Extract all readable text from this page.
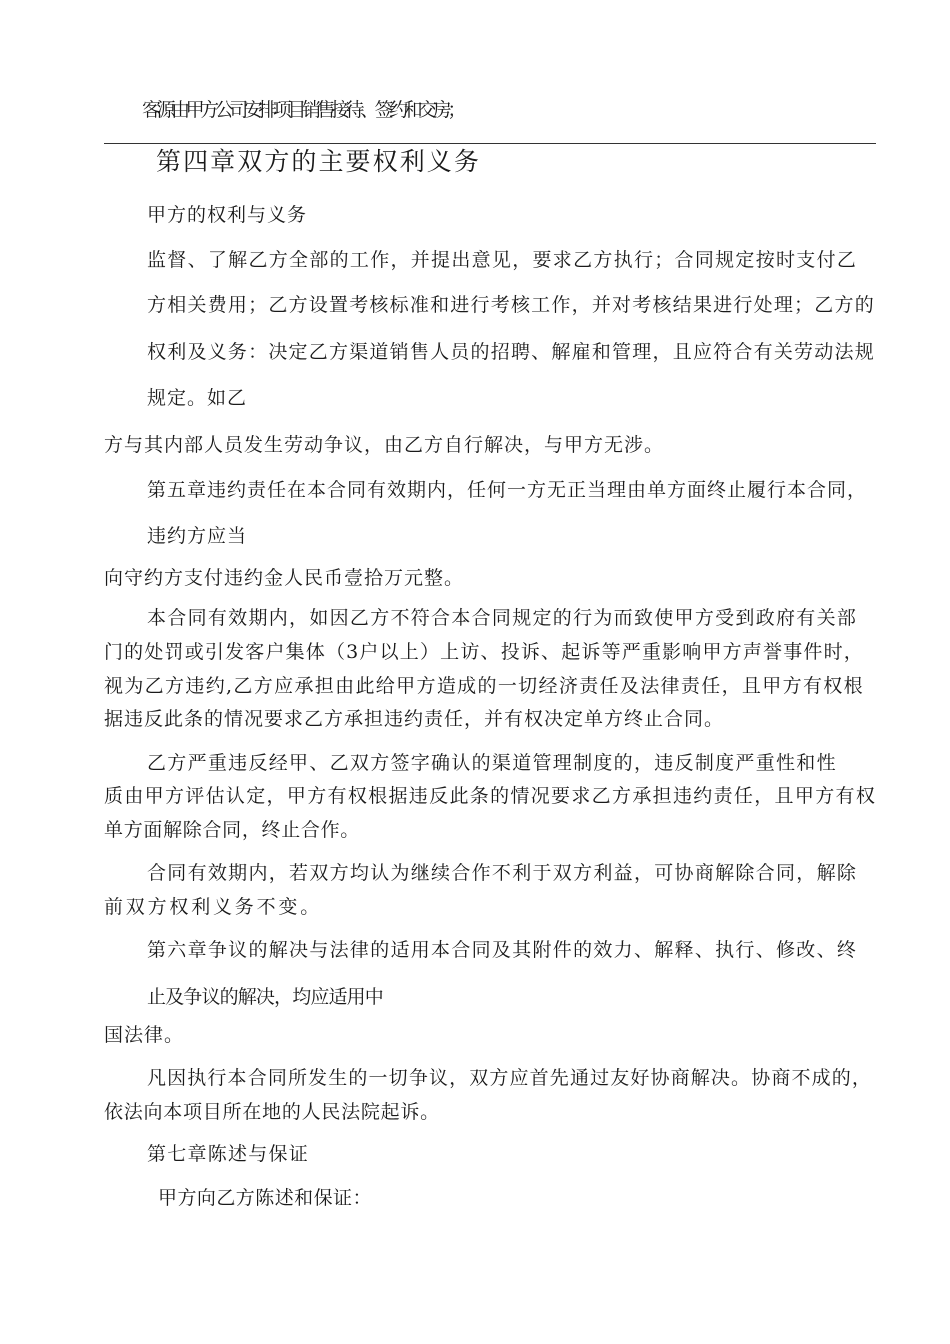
客源由甲方公司安排项目销售接待、签约和交房；

第四章双方的主要权利义务

甲方的权利与义务

监督、了解乙方全部的工作，并提出意见，要求乙方执行；合同规定按时支付乙

方相关费用；乙方设置考核标准和进行考核工作，并对考核结果进行处理；乙方的

权利及义务：决定乙方渠道销售人员的招聘、解雇和管理，且应符合有关劳动法规

规定。如乙

方与其内部人员发生劳动争议，由乙方自行解决，与甲方无涉。

第五章违约责任在本合同有效期内，任何一方无正当理由单方面终止履行本合同，

违约方应当

向守约方支付违约金人民币壹拾万元整。

本合同有效期内，如因乙方不符合本合同规定的行为而致使甲方受到政府有关部

门的处罚或引发客户集体（3户以上）上访、投诉、起诉等严重影响甲方声誉事件时，

视为乙方违约,乙方应承担由此给甲方造成的一切经济责任及法律责任，且甲方有权根

据违反此条的情况要求乙方承担违约责任，并有权决定单方终止合同。

乙方严重违反经甲、乙双方签字确认的渠道管理制度的，违反制度严重性和性

质由甲方评估认定，甲方有权根据违反此条的情况要求乙方承担违约责任，且甲方有权

单方面解除合同，终止合作。

合同有效期内，若双方均认为继续合作不利于双方利益，可协商解除合同，解除

前双方权利义务不变。

第六章争议的解决与法律的适用本合同及其附件的效力、解释、执行、修改、终

止及争议的解决，均应适用中

国法律。

凡因执行本合同所发生的一切争议，双方应首先通过友好协商解决。协商不成的，

依法向本项目所在地的人民法院起诉。

第七章陈述与保证

甲方向乙方陈述和保证：
